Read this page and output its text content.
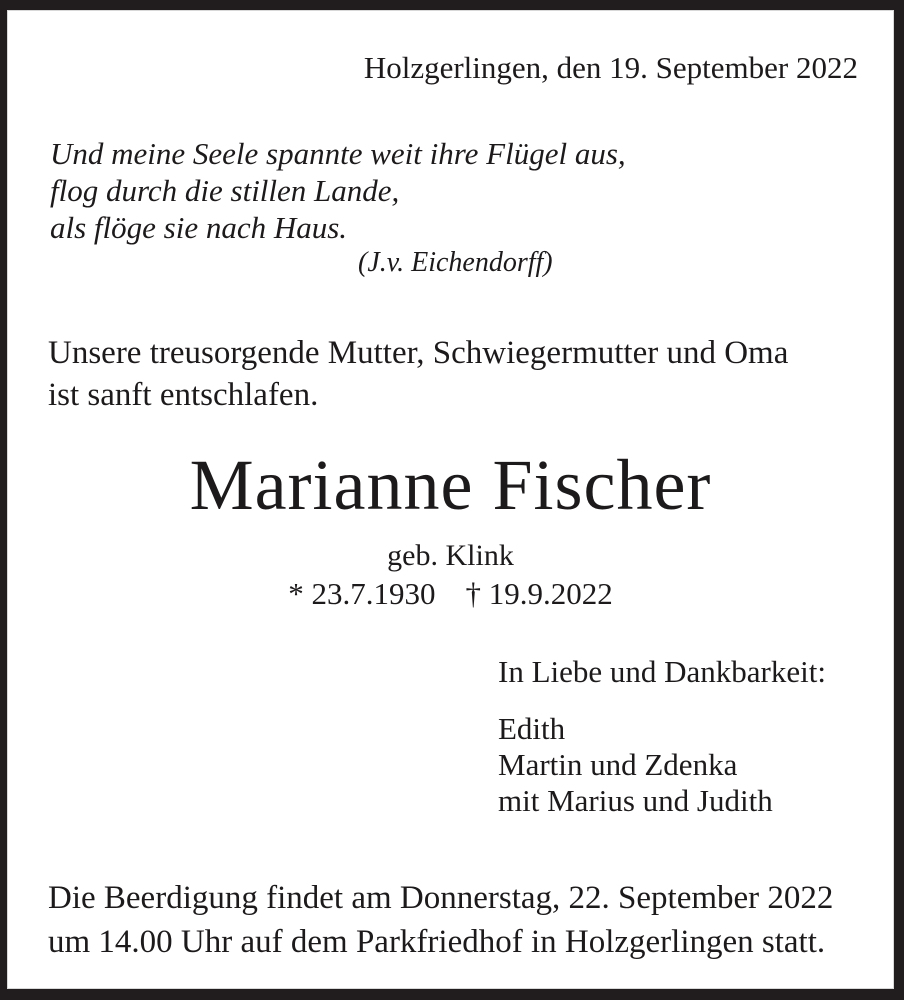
Holzgerlingen, den 19. September 2022
Und meine Seele spannte weit ihre Flügel aus,
flog durch die stillen Lande,
als flöge sie nach Haus.
(J.v. Eichendorff)
Unsere treusorgende Mutter, Schwiegermutter und Oma
ist sanft entschlafen.
Marianne Fischer
geb. Klink
* 23.7.1930 † 19.9.2022
In Liebe und Dankbarkeit:
Edith
Martin und Zdenka
mit Marius und Judith
Die Beerdigung findet am Donnerstag, 22. September 2022
um 14.00 Uhr auf dem Parkfriedhof in Holzgerlingen statt.
